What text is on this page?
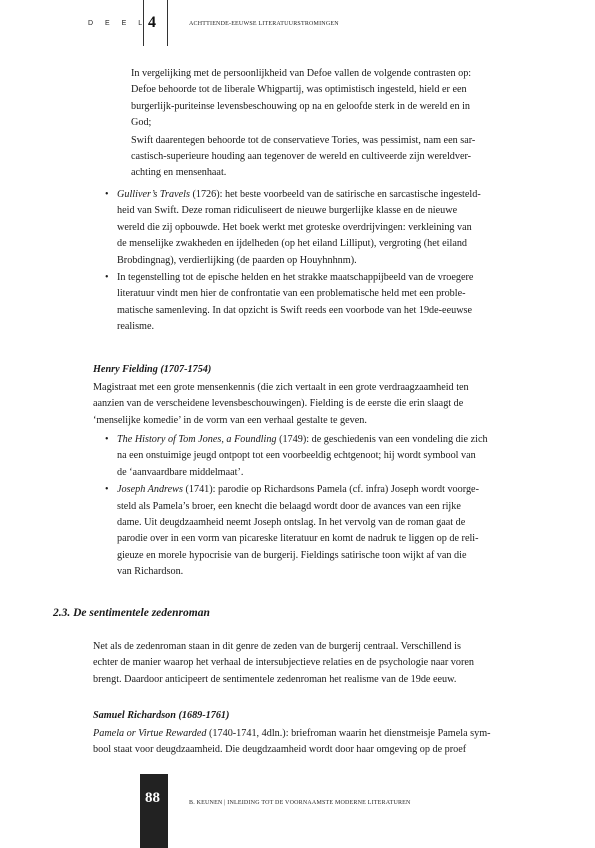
D E E L 4	ACHTTIENDE-EEUWSE LITERATUURSTROMINGEN
In vergelijking met de persoonlijkheid van Defoe vallen de volgende contrasten op:
Defoe behoorde tot de liberale Whigpartij, was optimistisch ingesteld, hield er een
burgerlijk-puriteinse levensbeschouwing op na en geloofde sterk in de wereld en in
God;
Swift daarentegen behoorde tot de conservatieve Tories, was pessimist, nam een sar-
castisch-superieure houding aan tegenover de wereld en cultiveerde zijn wereldver-
achting en mensenhaat.
• Gulliver’s Travels (1726): het beste voorbeeld van de satirische en sarcastische ingesteld-
heid van Swift. Deze roman ridiculiseert de nieuwe burgerlijke klasse en de nieuwe
wereld die zij opbouwde. Het boek werkt met groteske overdrijvingen: verkleining van
de menselijke zwakheden en ijdelheden (op het eiland Lilliput), vergroting (het eiland
Brobdingnag), verdierlijking (de paarden op Houyhnhnm).
• In tegenstelling tot de epische helden en het strakke maatschappijbeeld van de vroegere
literatuur vindt men hier de confrontatie van een problematische held met een proble-
matische samenleving. In dat opzicht is Swift reeds een voorbode van het 19de-eeuwse
realisme.
Henry Fielding (1707-1754)
Magistraat met een grote mensenkennis (die zich vertaalt in een grote verdraagzaamheid ten
aanzien van de verscheidene levensbeschouwingen). Fielding is de eerste die erin slaagt de
‘menselijke komedie’ in de vorm van een verhaal gestalte te geven.
• The History of Tom Jones, a Foundling (1749): de geschiedenis van een vondeling die zich
na een onstuimige jeugd ontpopt tot een voorbeeldig echtgenoot; hij wordt symbool van
de ‘aanvaardbare middelmaat’.
• Joseph Andrews (1741): parodie op Richardsons Pamela (cf. infra) Joseph wordt voorge-
steld als Pamela’s broer, een knecht die belaagd wordt door de avances van een rijke
dame. Uit deugdzaamheid neemt Joseph ontslag. In het vervolg van de roman gaat de
parodie over in een vorm van picareske literatuur en komt de nadruk te liggen op de reli-
gieuze en morele hypocrisie van de burgerij. Fieldings satirische toon wijkt af van die
van Richardson.
2.3. De sentimentele zedenroman
Net als de zedenroman staan in dit genre de zeden van de burgerij centraal. Verschillend is
echter de manier waarop het verhaal de intersubjectieve relaties en de psychologie naar voren
brengt. Daardoor anticipeert de sentimentele zedenroman het realisme van de 19de eeuw.
Samuel Richardson (1689-1761)
Pamela or Virtue Rewarded (1740-1741, 4dln.): briefroman waarin het dienstmeisje Pamela sym-
bool staat voor deugdzaamheid. Die deugdzaamheid wordt door haar omgeving op de proef
88	B. KEUNEN | INLEIDING TOT DE VOORNAAMSTE MODERNE LITERATUREN
